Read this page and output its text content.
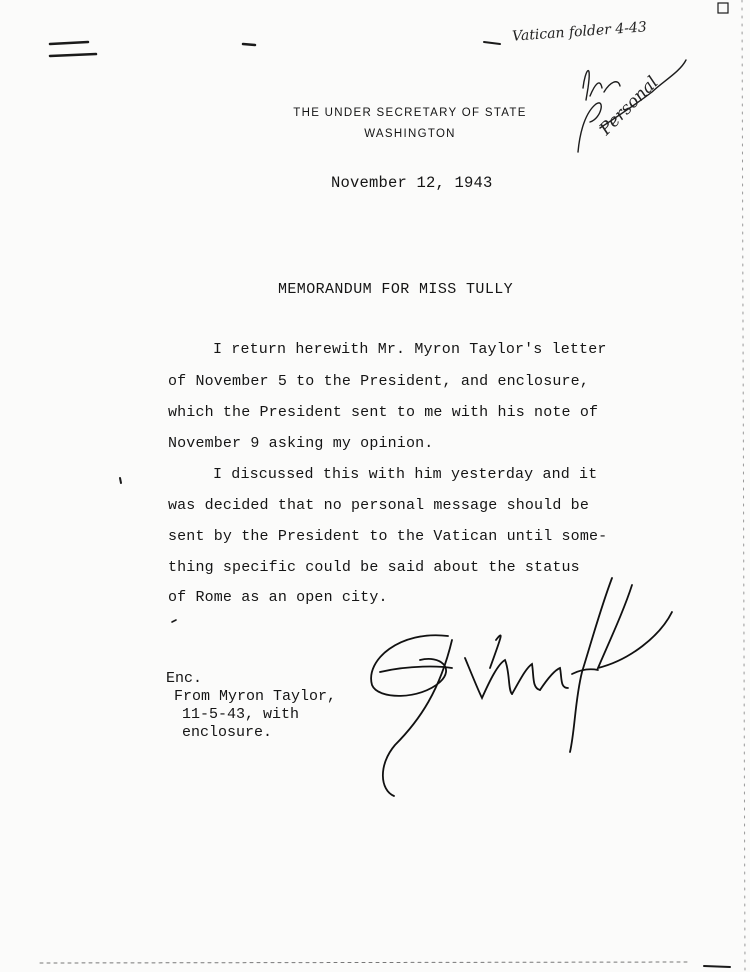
Vatican folder 4-43
Personal
THE UNDER SECRETARY OF STATE
WASHINGTON
November 12, 1943
MEMORANDUM FOR MISS TULLY
I return herewith Mr. Myron Taylor's letter
of November 5 to the President, and enclosure,
which the President sent to me with his note of
November 9 asking my opinion.
I discussed this with him yesterday and it
was decided that no personal message should be
sent by the President to the Vatican until some-
thing specific could be said about the status
of Rome as an open city.
Enc.
From Myron Taylor,
11-5-43, with
enclosure.
